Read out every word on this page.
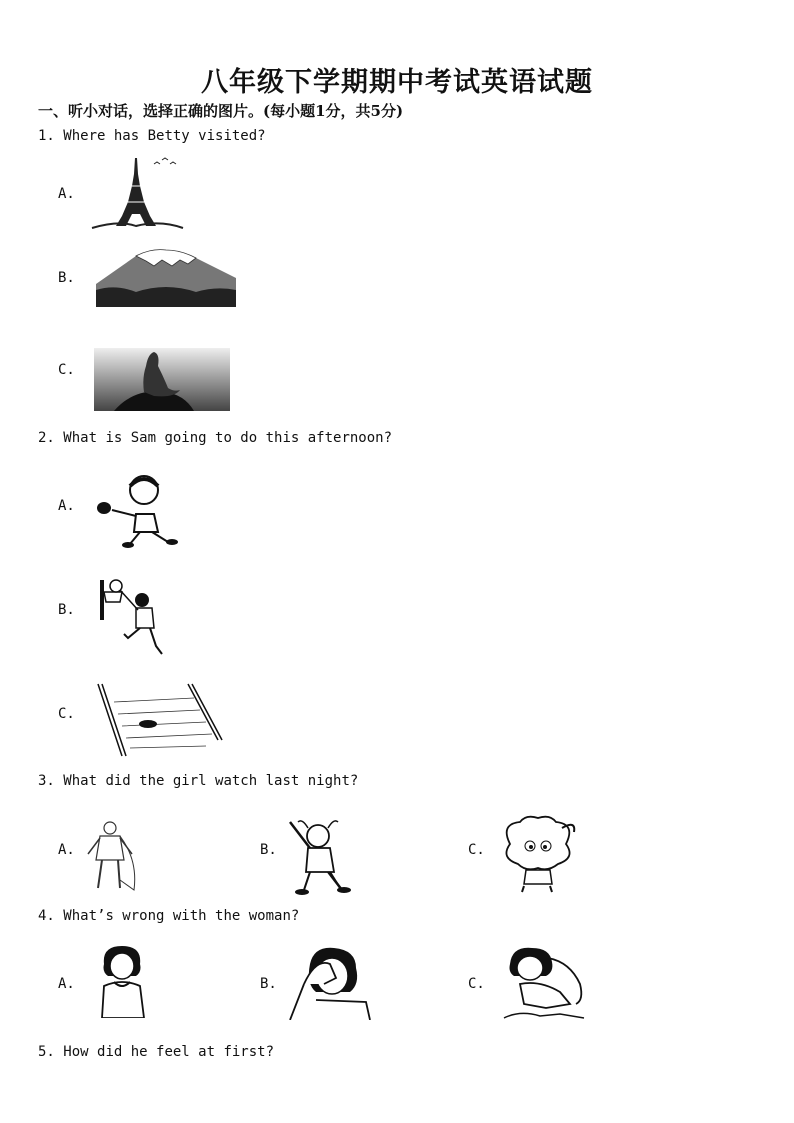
八年级下学期期中考试英语试题
一、听小对话，选择正确的图片。(每小题1分，共5分)
1. Where has Betty visited?
A.
B.
C.
2. What is Sam going to do this afternoon?
A.
B.
C.
3. What did the girl watch last night?
A.	B.	C.
4. What’s wrong with the woman?
A.	B.	C.
5. How did he feel at first?
